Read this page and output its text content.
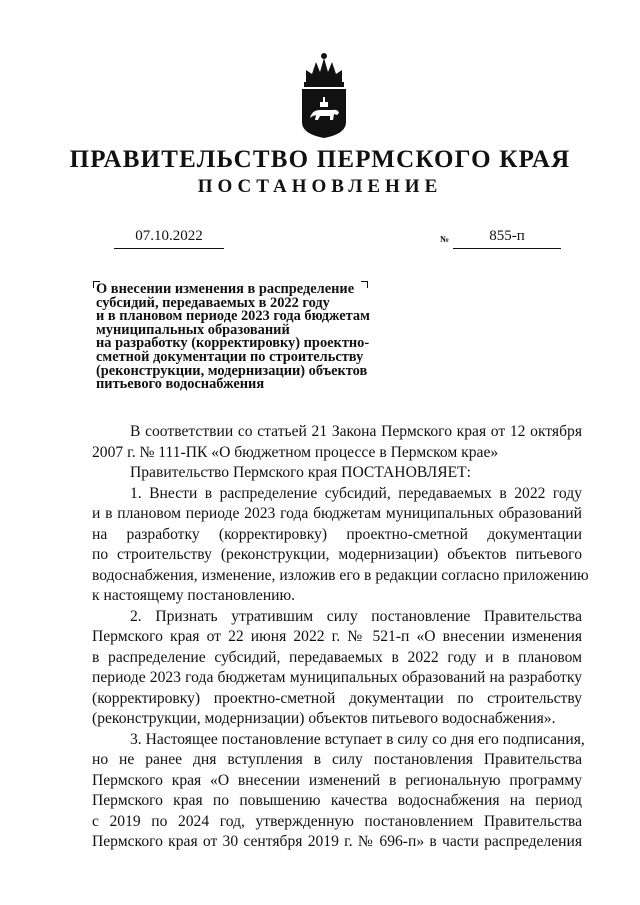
ПРАВИТЕЛЬСТВО ПЕРМСКОГО КРАЯ
ПОСТАНОВЛЕНИЕ
07.10.2022	№	855-п
О внесении изменения в распределение
субсидий, передаваемых в 2022 году
и в плановом периоде 2023 года бюджетам
муниципальных образований
на разработку (корректировку) проектно-
сметной документации по строительству
(реконструкции, модернизации) объектов
питьевого водоснабжения
В соответствии со статьей 21 Закона Пермского края от 12 октября
2007 г. № 111-ПК «О бюджетном процессе в Пермском крае»
Правительство Пермского края ПОСТАНОВЛЯЕТ:
1. Внести в распределение субсидий, передаваемых в 2022 году
и в плановом периоде 2023 года бюджетам муниципальных образований
на разработку (корректировку) проектно-сметной документации
по строительству (реконструкции, модернизации) объектов питьевого
водоснабжения, изменение, изложив его в редакции согласно приложению
к настоящему постановлению.
2. Признать утратившим силу постановление Правительства
Пермского края от 22 июня 2022 г. № 521-п «О внесении изменения
в распределение субсидий, передаваемых в 2022 году и в плановом
периоде 2023 года бюджетам муниципальных образований на разработку
(корректировку) проектно-сметной документации по строительству
(реконструкции, модернизации) объектов питьевого водоснабжения».
3. Настоящее постановление вступает в силу со дня его подписания,
но не ранее дня вступления в силу постановления Правительства
Пермского края «О внесении изменений в региональную программу
Пермского края по повышению качества водоснабжения на период
с 2019 по 2024 год, утвержденную постановлением Правительства
Пермского края от 30 сентября 2019 г. № 696-п» в части распределения
